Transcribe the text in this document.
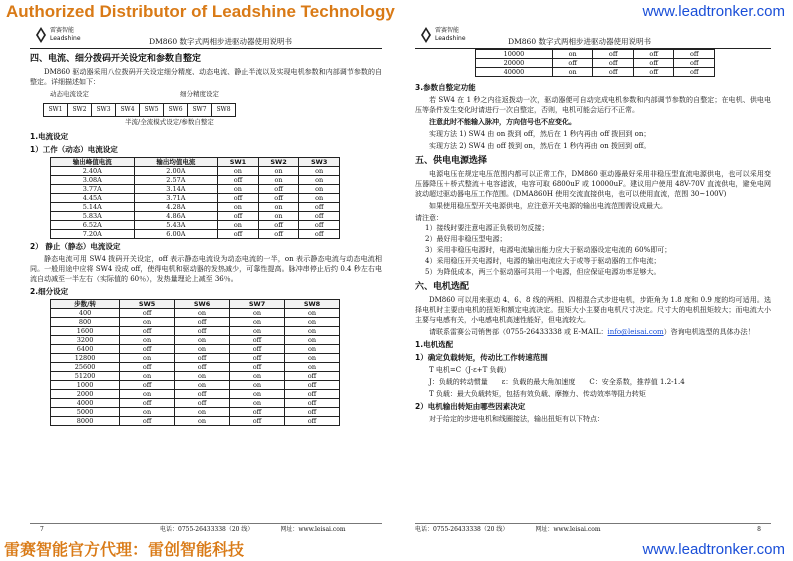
Authorized Distributor of Leadshine Technology	www.leadtronker.com
雷赛智能
Leadshine	DM860 数字式两相步进驱动器使用说明书
四、电流、细分拨码开关设定和参数自整定

DM860 驱动器采用八位拨码开关设定细分精度、动态电流、静止半流以及实现电机参数和内部调节参数的自整定。详细描述如下：

动态电流设定	细分精度设定
SW1	SW2	SW3	SW4	SW5	SW6	SW7	SW8
半流/全流模式设定/参数自整定
1.电流设定
1）工作（动态）电流设定
输出峰值电流	输出均值电流	SW1	SW2	SW3
2.40A	2.00A	on	on	on
3.08A	2.57A	off	on	on
3.77A	3.14A	on	off	on
4.45A	3.71A	off	off	on
5.14A	4.28A	on	on	off
5.83A	4.86A	off	on	off
6.52A	5.43A	on	off	off
7.20A	6.00A	off	off	off
2） 静止（静态）电流设定

静态电流可用 SW4 拨码开关设定，off 表示静态电流设为动态电流的一半，on 表示静态电流与动态电流相同。一般用途中应将 SW4 设成 off，使得电机和驱动器的发热减少，可靠性提高。脉冲串停止后约 0.4 秒左右电流自动减至一半左右（实际值的 60％），发热量理论上减至 36％。

2.细分设定
步数/转	SW5	SW6	SW7	SW8
400	off	on	on	on
800	on	off	on	on
1600	off	off	on	on
3200	on	on	off	on
6400	off	on	off	on
12800	on	off	off	on
25600	off	off	off	on
51200	on	on	on	off
1000	off	on	on	off
2000	on	off	on	off
4000	off	off	on	off
5000	on	on	off	off
8000	off	on	off	off
7	电话：0755-26433338（20 线）　　　　　网址：www.leisai.com
雷赛智能
Leadshine	DM860 数字式两相步进驱动器使用说明书
10000	on	off	off	off
20000	off	off	off	off
40000	on	off	off	off
3.参数自整定功能

若 SW4 在 1 秒之内往返拨动一次，驱动器便可自动完成电机参数和内部调节参数的自整定；在电机、供电电压等条件发生变化时请进行一次自整定，否则，电机可能会运行不正常。

注意此时不能输入脉冲，方向信号也不应变化。

实现方法 1) SW4 由 on 拨到 off，然后在 1 秒内再由 off 拨回到 on；

实现方法 2) SW4 由 off 拨到 on，然后在 1 秒内再由 on 拨回到 off。

五、供电电源选择

电源电压在规定电压范围内都可以正常工作，DM860 驱动器最好采用非稳压型直流电源供电，也可以采用变压器降压＋桥式整流＋电容滤波，电容可取 6800uF 或 10000uF。建议用户使用 48V-70V 直流供电，避免电网波动超过驱动器电压工作范围。(DMA860H 使用交流直接供电，也可以使用直流，范围 30~100V)

如果使用稳压型开关电源供电，应注意开关电源的输出电流范围需设成最大。

请注意：
1）接线时要注意电源正负极切勿反接；
2）最好用非稳压型电源；
3）采用非稳压电源时，电源电流输出能力应大于驱动器设定电流的 60%即可；
4）采用稳压开关电源时，电源的输出电流应大于或等于驱动器的工作电流；
5）为降低成本，两三个驱动器可共用一个电源，但应保证电源功率足够大。
六、电机选配

DM860 可以用来驱动 4、6、8 线的两相、四相混合式步进电机，步距角为 1.8 度和 0.9 度的均可适用。选择电机时主要由电机的扭矩和额定电流决定。扭矩大小主要由电机尺寸决定。尺寸大的电机扭矩较大；而电流大小主要与电感有关，小电感电机高速性能好，但电流较大。

请联系雷赛公司销售部（0755-26433338 或 E-MAIL：info@leisai.com）咨询电机选型的具体办法！

1.电机选配
1）确定负载转矩，传动比工作转速范围

T 电机=C（J·ε+T 负载）

J：负载的转动惯量　　ε：负载的最大角加速度　　C：安全系数，推荐值 1.2-1.4

T 负载：最大负载转矩，包括有效负载、摩擦力、传动效率等阻力转矩

2）电机输出转矩由哪些因素决定

对于给定的步进电机和线圈接法，输出扭矩有以下特点：

电话：0755-26433338（20 线）　　　　　网址：www.leisai.com	8
雷赛智能官方代理：雷创智能科技	www.leadtronker.com
